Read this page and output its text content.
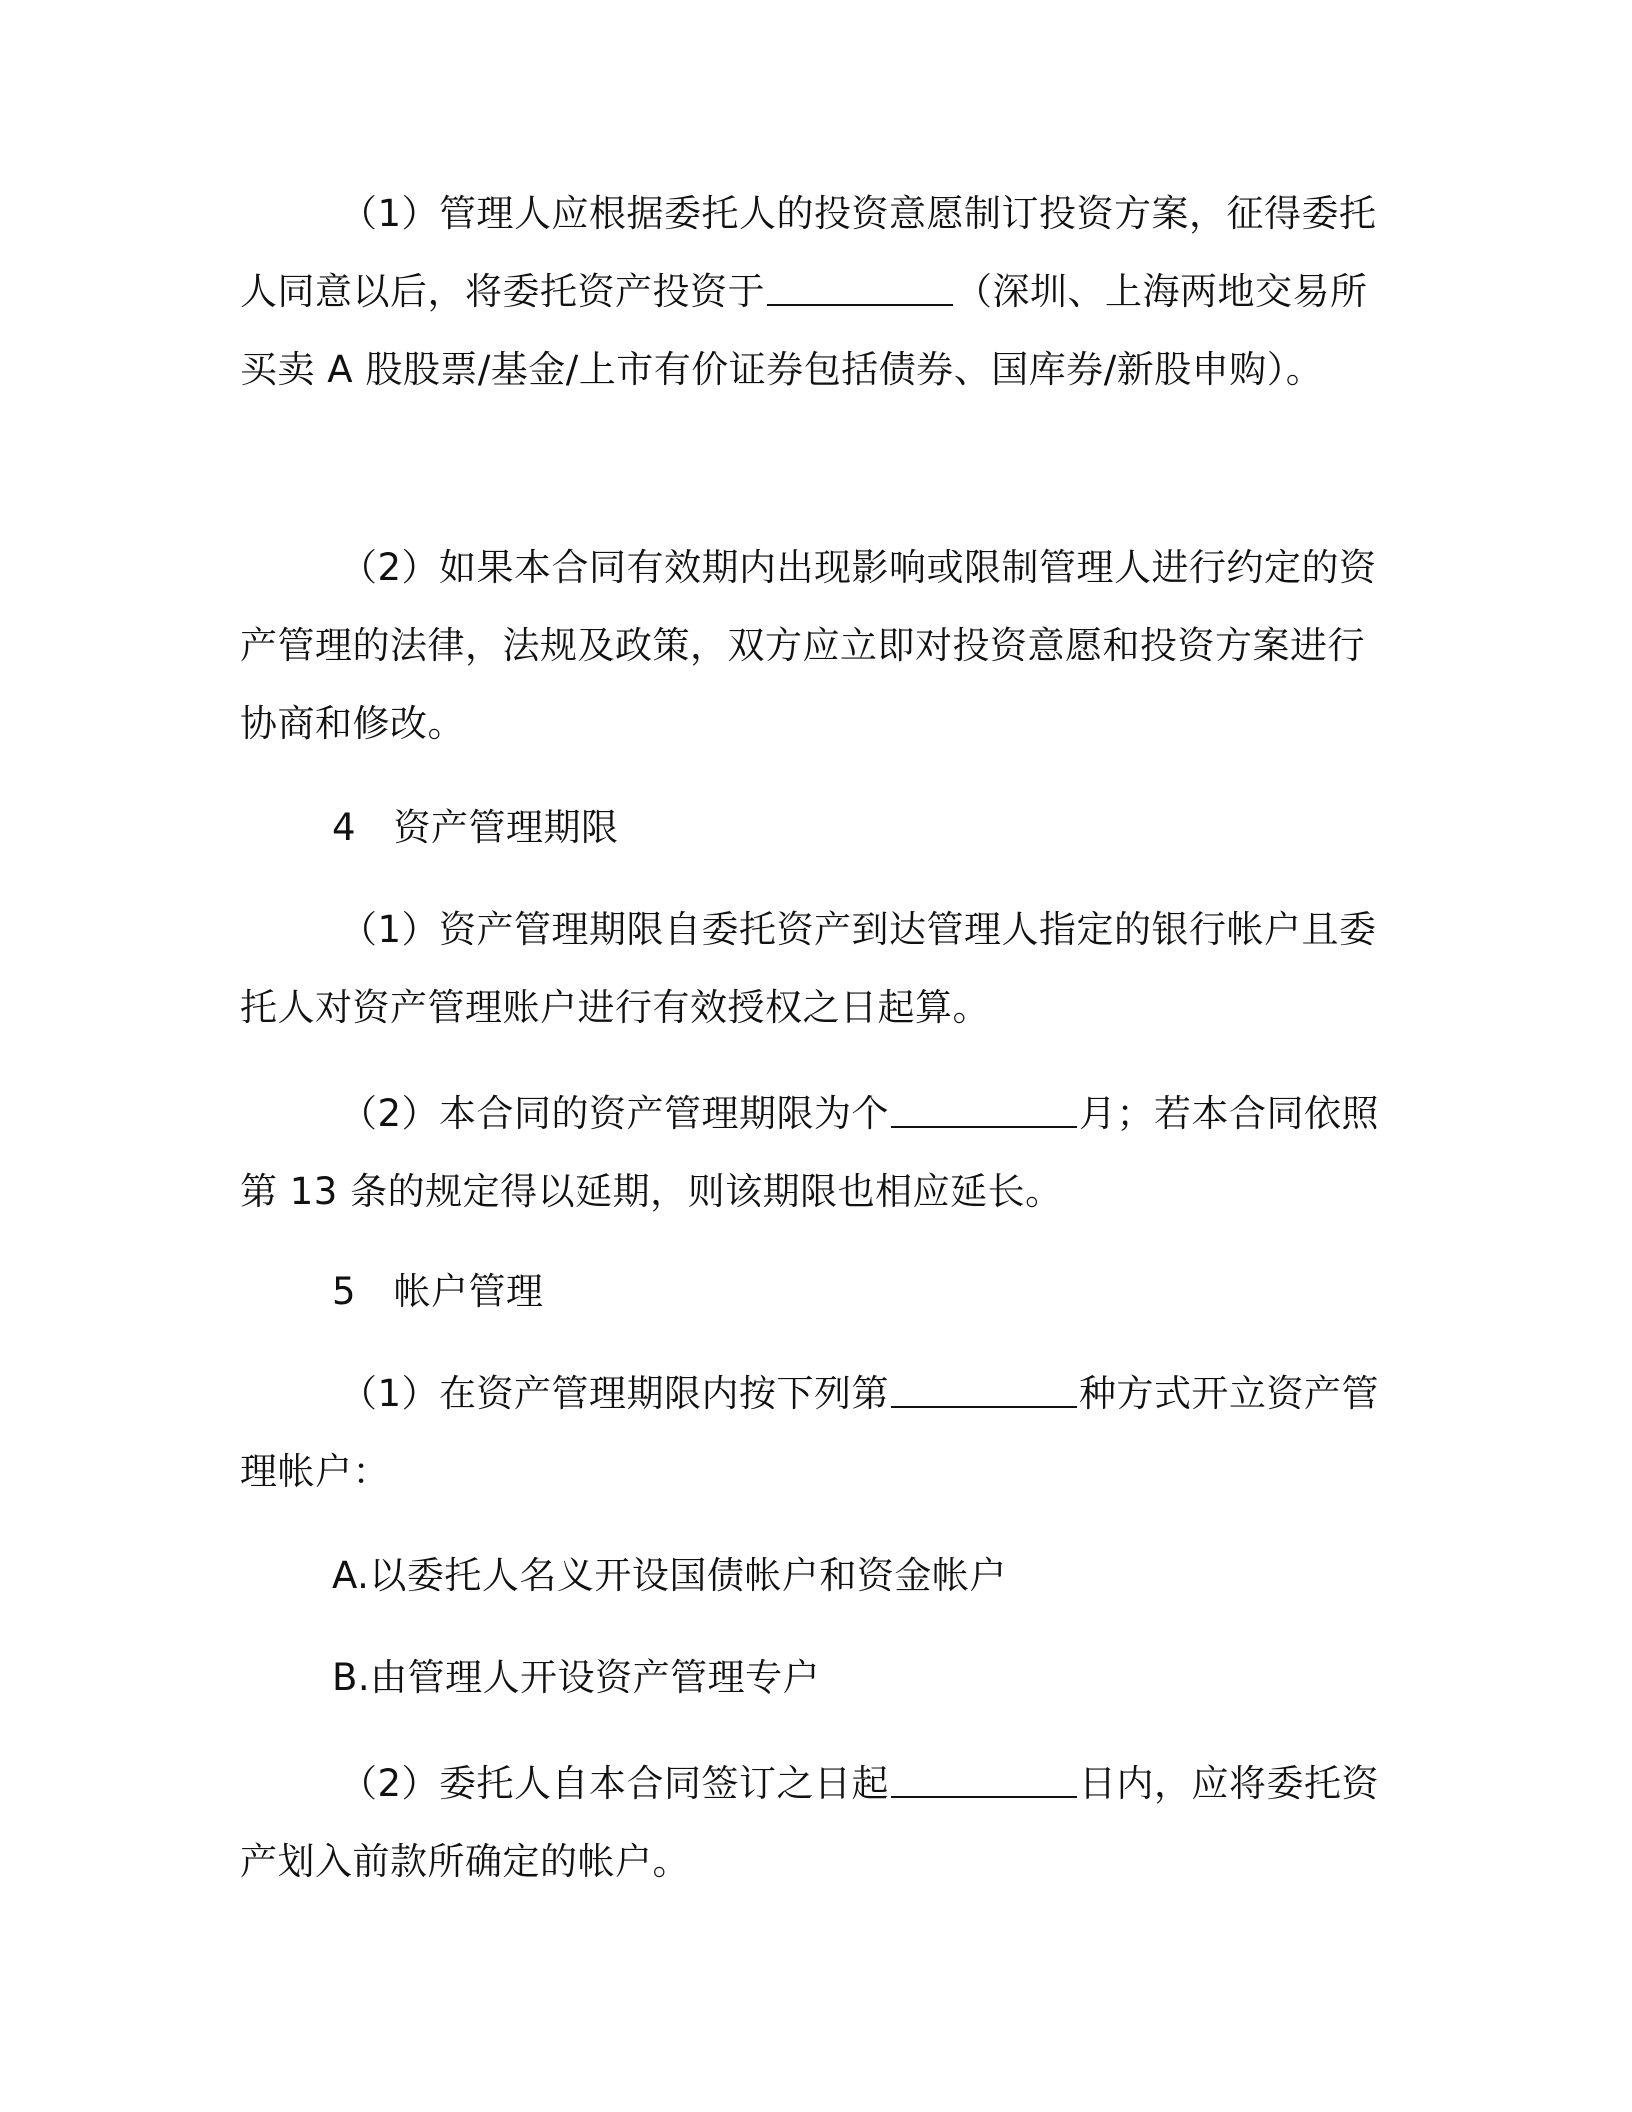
（1）管理人应根据委托人的投资意愿制订投资方案，征得委托
人同意以后，将委托资产投资于	（深圳、上海两地交易所
买卖 A 股股票/基金/上市有价证券包括债券、国库券/新股申购）。
（2）如果本合同有效期内出现影响或限制管理人进行约定的资
产管理的法律，法规及政策，双方应立即对投资意愿和投资方案进行
协商和修改。
4　资产管理期限
（1）资产管理期限自委托资产到达管理人指定的银行帐户且委
托人对资产管理账户进行有效授权之日起算。
（2）本合同的资产管理期限为个	月；若本合同依照
第 13 条的规定得以延期，则该期限也相应延长。
5　帐户管理
（1）在资产管理期限内按下列第	种方式开立资产管
理帐户：
A.以委托人名义开设国债帐户和资金帐户
B.由管理人开设资产管理专户
（2）委托人自本合同签订之日起	日内，应将委托资
产划入前款所确定的帐户。
